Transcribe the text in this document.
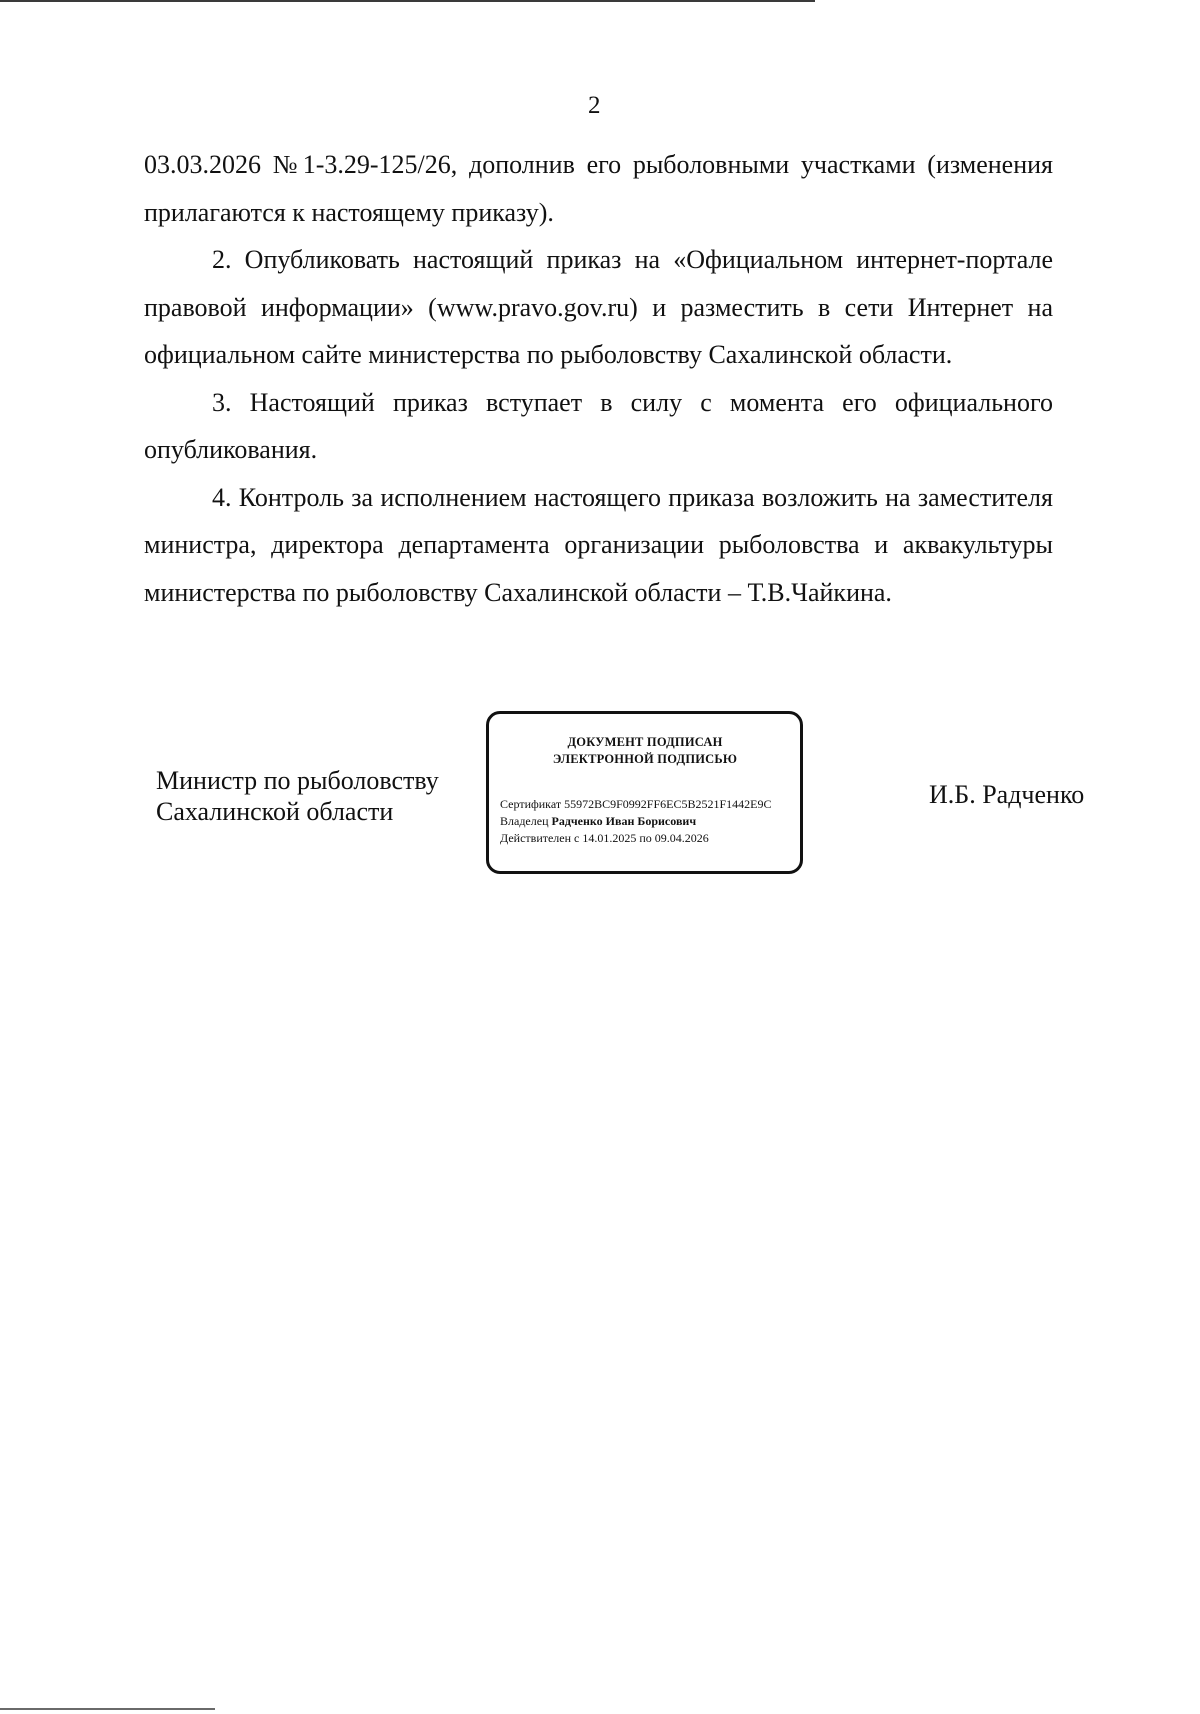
2

03.03.2026 №1-3.29-125/26, дополнив его рыболовными участками (изменения прилагаются к настоящему приказу).

2. Опубликовать настоящий приказ на «Официальном интернет-портале правовой информации» (www.pravo.gov.ru) и разместить в сети Интернет на официальном сайте министерства по рыболовству Сахалинской области.

3. Настоящий приказ вступает в силу с момента его официального опубликования.

4. Контроль за исполнением настоящего приказа возложить на заместителя министра, директора департамента организации рыболовства и аквакультуры министерства по рыболовству Сахалинской области – Т.В.Чайкина.

Министр по рыболовству
Сахалинской области
ДОКУМЕНТ ПОДПИСАН
ЭЛЕКТРОННОЙ ПОДПИСЬЮ
Сертификат 55972BC9F0992FF6EC5B2521F1442E9C
Владелец Радченко Иван Борисович
Действителен с 14.01.2025 по 09.04.2026
И.Б. Радченко
